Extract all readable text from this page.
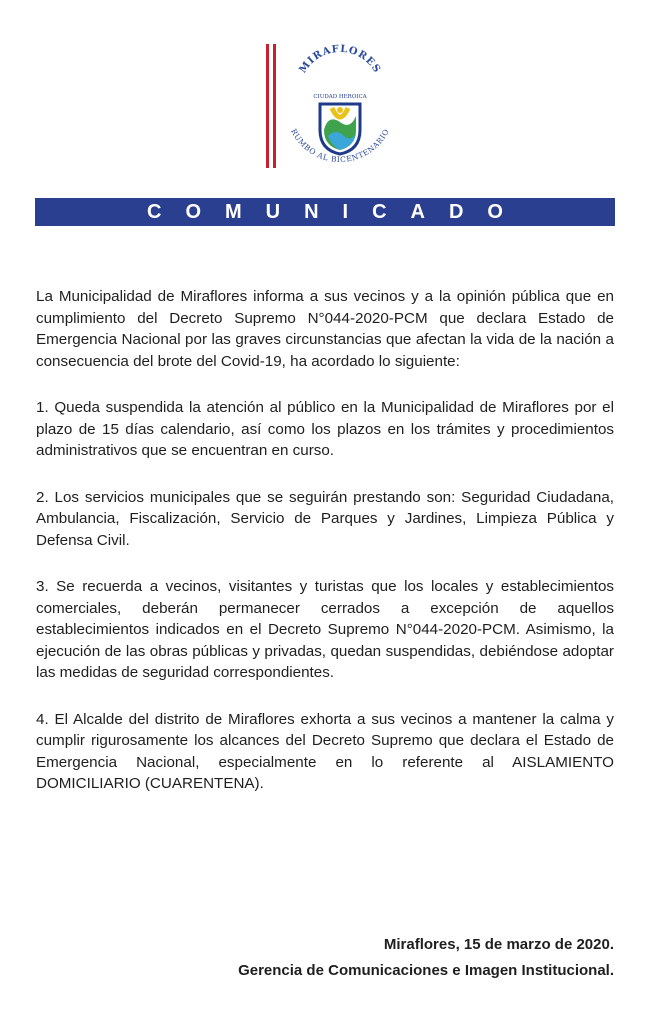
MIRAFLORES
CIUDAD HEROICA
RUMBO AL BICENTENARIO
COMUNICADO

La Municipalidad de Miraflores informa a sus vecinos y a la opinión pública que en cumplimiento del Decreto Supremo N°044-2020-PCM que declara Estado de Emergencia Nacional por las graves circunstancias que afectan la vida de la nación a consecuencia del brote del Covid-19, ha acordado lo siguiente:

1. Queda suspendida la atención al público en la Municipalidad de Miraflores por el plazo de 15 días calendario, así como los plazos en los trámites y procedimientos administrativos que se encuentran en curso.

2. Los servicios municipales que se seguirán prestando son: Seguridad Ciudadana, Ambulancia, Fiscalización, Servicio de Parques y Jardines, Limpieza Pública y Defensa Civil.

3. Se recuerda a vecinos, visitantes y turistas que los locales y establecimientos comerciales, deberán permanecer cerrados a excepción de aquellos establecimientos indicados en el Decreto Supremo N°044-2020-PCM. Asimismo, la ejecución de las obras públicas y privadas, quedan suspendidas, debiéndose adoptar las medidas de seguridad correspondientes.

4. El Alcalde del distrito de Miraflores exhorta a sus vecinos a mantener la calma y cumplir rigurosamente los alcances del Decreto Supremo que declara el Estado de Emergencia Nacional, especialmente en lo referente al AISLAMIENTO DOMICILIARIO (CUARENTENA).

Miraflores, 15 de marzo de 2020.
Gerencia de Comunicaciones e Imagen Institucional.
